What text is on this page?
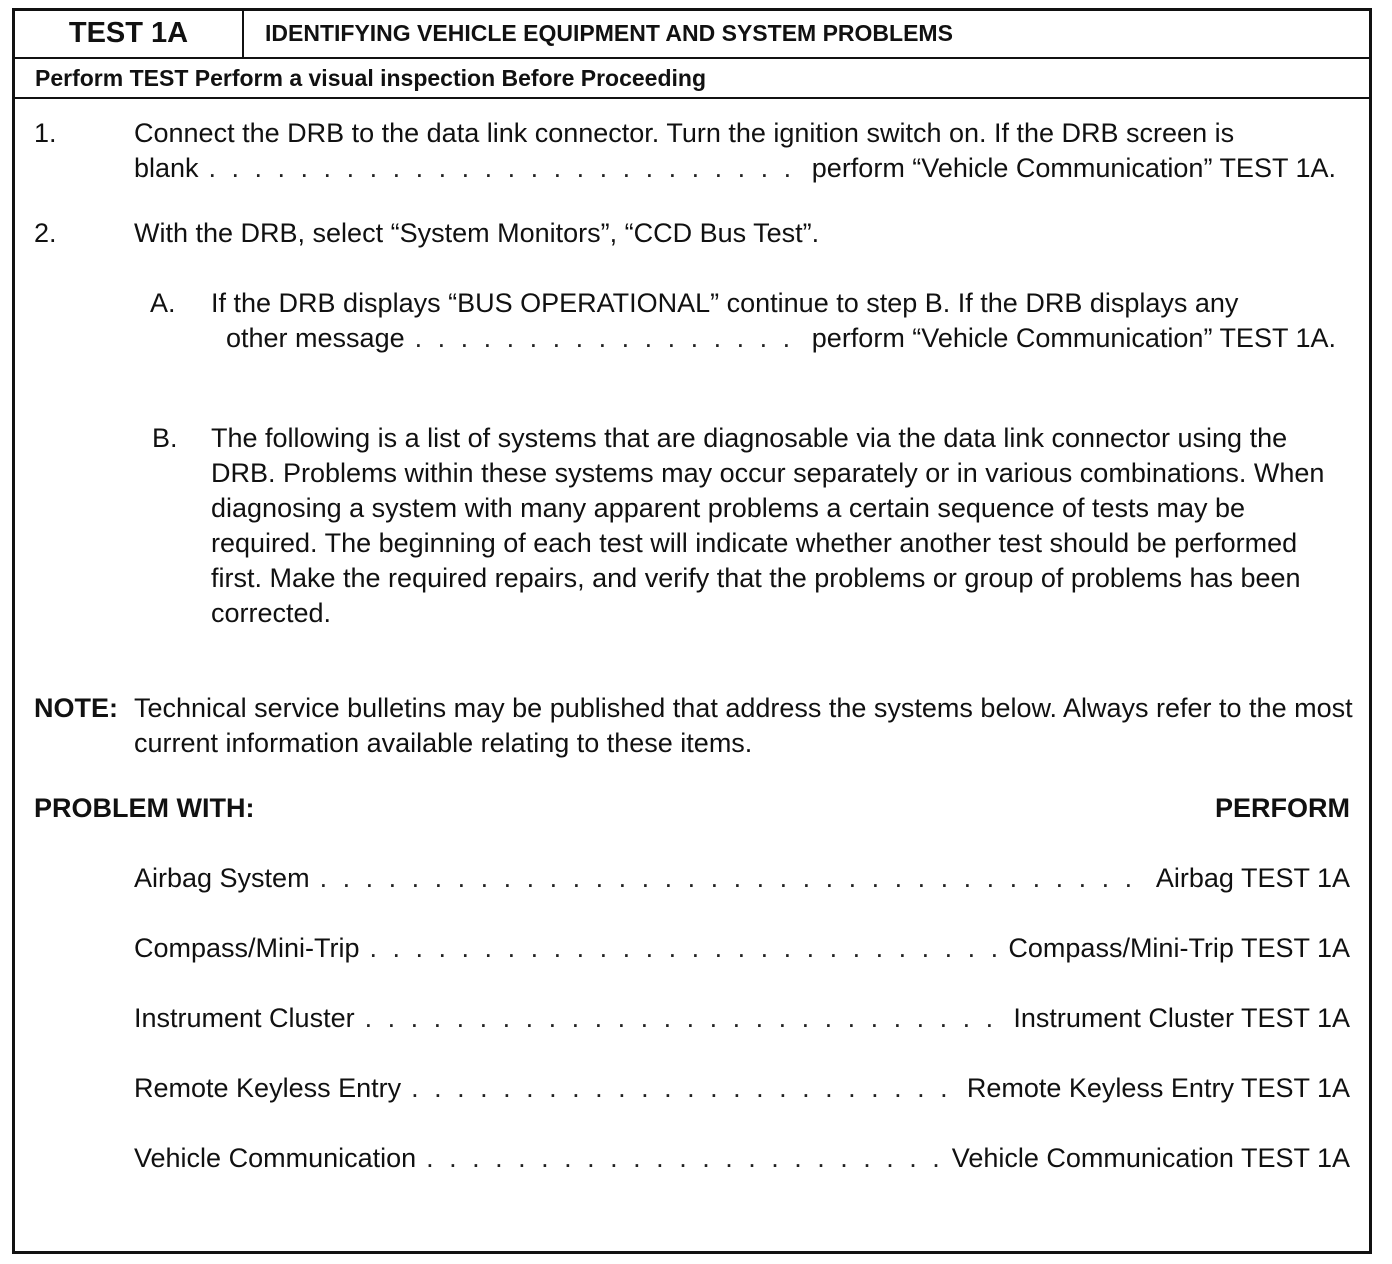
TEST 1A	IDENTIFYING VEHICLE EQUIPMENT AND SYSTEM PROBLEMS
Perform TEST Perform a visual inspection Before Proceeding
1.	Connect the DRB to the data link connector. Turn the ignition switch on. If the DRB screen is
blank . . .	perform “Vehicle Communication” TEST 1A.
2.	With the DRB, select “System Monitors”, “CCD Bus Test”.
A. If the DRB displays “BUS OPERATIONAL” continue to step B. If the DRB displays any
other message . . .	perform “Vehicle Communication” TEST 1A.
B. The following is a list of systems that are diagnosable via the data link connector using the DRB. Problems within these systems may occur separately or in various combinations. When diagnosing a system with many apparent problems a certain sequence of tests may be required. The beginning of each test will indicate whether another test should be performed first. Make the required repairs, and verify that the problems or group of problems has been corrected.
NOTE: Technical service bulletins may be published that address the systems below. Always refer to the most current information available relating to these items.
PROBLEM WITH:	PERFORM
Airbag System . . .	Airbag TEST 1A
Compass/Mini-Trip . . .	Compass/Mini-Trip TEST 1A
Instrument Cluster . . .	Instrument Cluster TEST 1A
Remote Keyless Entry . . .	Remote Keyless Entry TEST 1A
Vehicle Communication . . .	Vehicle Communication TEST 1A
